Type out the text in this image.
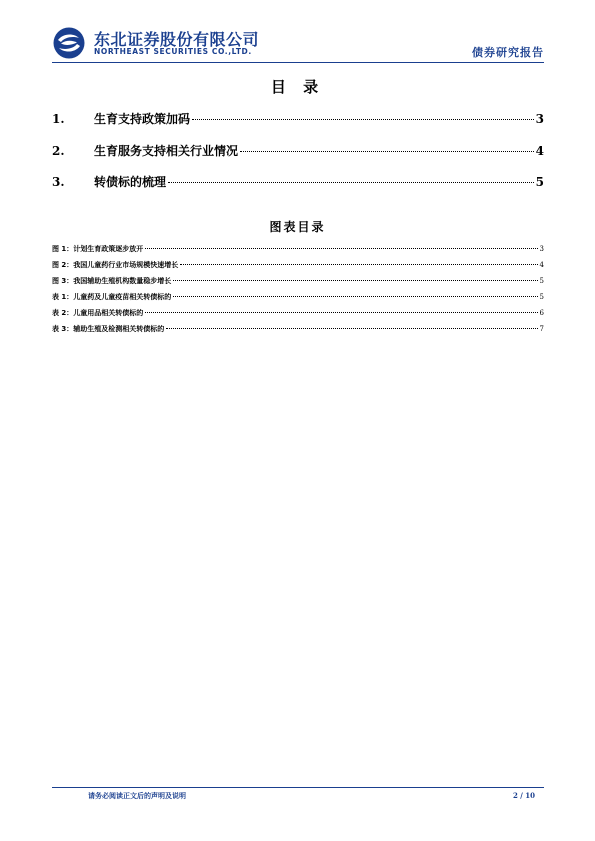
东北证券股份有限公司
NORTHEAST SECURITIES CO.,LTD.	债券研究报告
目 录
1.	生育支持政策加码	3
2.	生育服务支持相关行业情况	4
3.	转债标的梳理	5
图表目录
图 1：计划生育政策逐步放开	3
图 2：我国儿童药行业市场规模快速增长	4
图 3：我国辅助生殖机构数量稳步增长	5
表 1：儿童药及儿童疫苗相关转债标的	5
表 2：儿童用品相关转债标的	6
表 3：辅助生殖及检测相关转债标的	7
请务必阅读正文后的声明及说明	2 / 10
